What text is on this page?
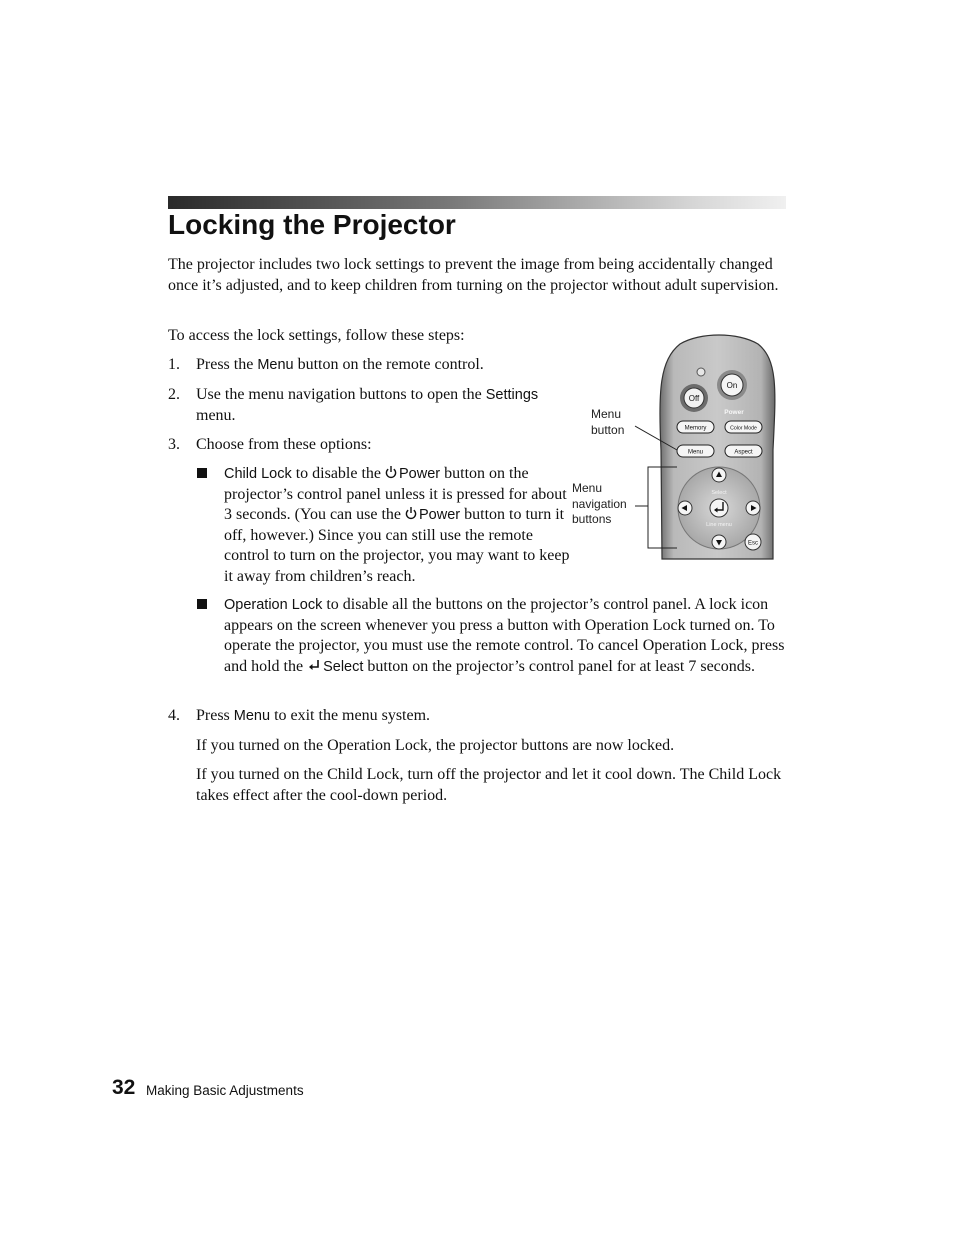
Locking the Projector

The projector includes two lock settings to prevent the image from being accidentally changed once it’s adjusted, and to keep children from turning on the projector without adult supervision.

To access the lock settings, follow these steps:

1. Press the Menu button on the remote control.

2. Use the menu navigation buttons to open the Settings menu.

3. Choose from these options:

Child Lock to disable the Power button on the projector’s control panel unless it is pressed for about 3 seconds. (You can use the Power button to turn it off, however.) Since you can still use the remote control to turn on the projector, you may want to keep it away from children’s reach.

Operation Lock to disable all the buttons on the projector’s control panel. A lock icon appears on the screen whenever you press a button with Operation Lock turned on. To operate the projector, you must use the remote control. To cancel Operation Lock, press and hold the Select button on the projector’s control panel for at least 7 seconds.

4. Press Menu to exit the menu system.

If you turned on the Operation Lock, the projector buttons are now locked.

If you turned on the Child Lock, turn off the projector and let it cool down. The Child Lock takes effect after the cool-down period.

Menu

button

Menu

navigation

buttons

On
Off
Power
Memory	Color Mode
Menu	Aspect
Select
Line menu
Esc
32 Making Basic Adjustments
